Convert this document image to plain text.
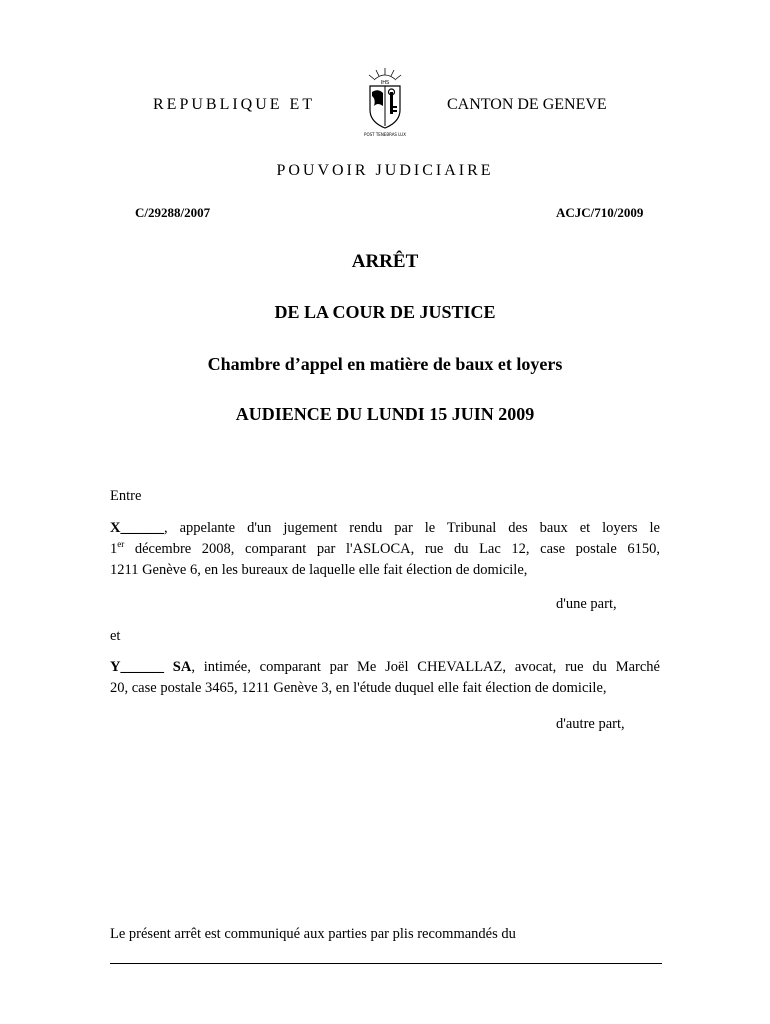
REPUBLIQUE ET
IHS
POST TENEBRAS LUX
CANTON DE GENEVE
POUVOIR JUDICIAIRE
C/29288/2007	ACJC/710/2009
ARRÊT
DE LA COUR DE JUSTICE
Chambre d’appel en matière de baux et loyers
AUDIENCE DU LUNDI 15 JUIN 2009
Entre
X______, appelante d'un jugement rendu par le Tribunal des baux et loyers le
1er décembre 2008, comparant par l'ASLOCA, rue du Lac 12, case postale 6150,
1211 Genève 6, en les bureaux de laquelle elle fait élection de domicile,
d'une part,
et
Y______ SA, intimée, comparant par Me Joël CHEVALLAZ, avocat, rue du Marché
20, case postale 3465, 1211 Genève 3, en l'étude duquel elle fait élection de domicile,
d'autre part,
Le présent arrêt est communiqué aux parties par plis recommandés du
